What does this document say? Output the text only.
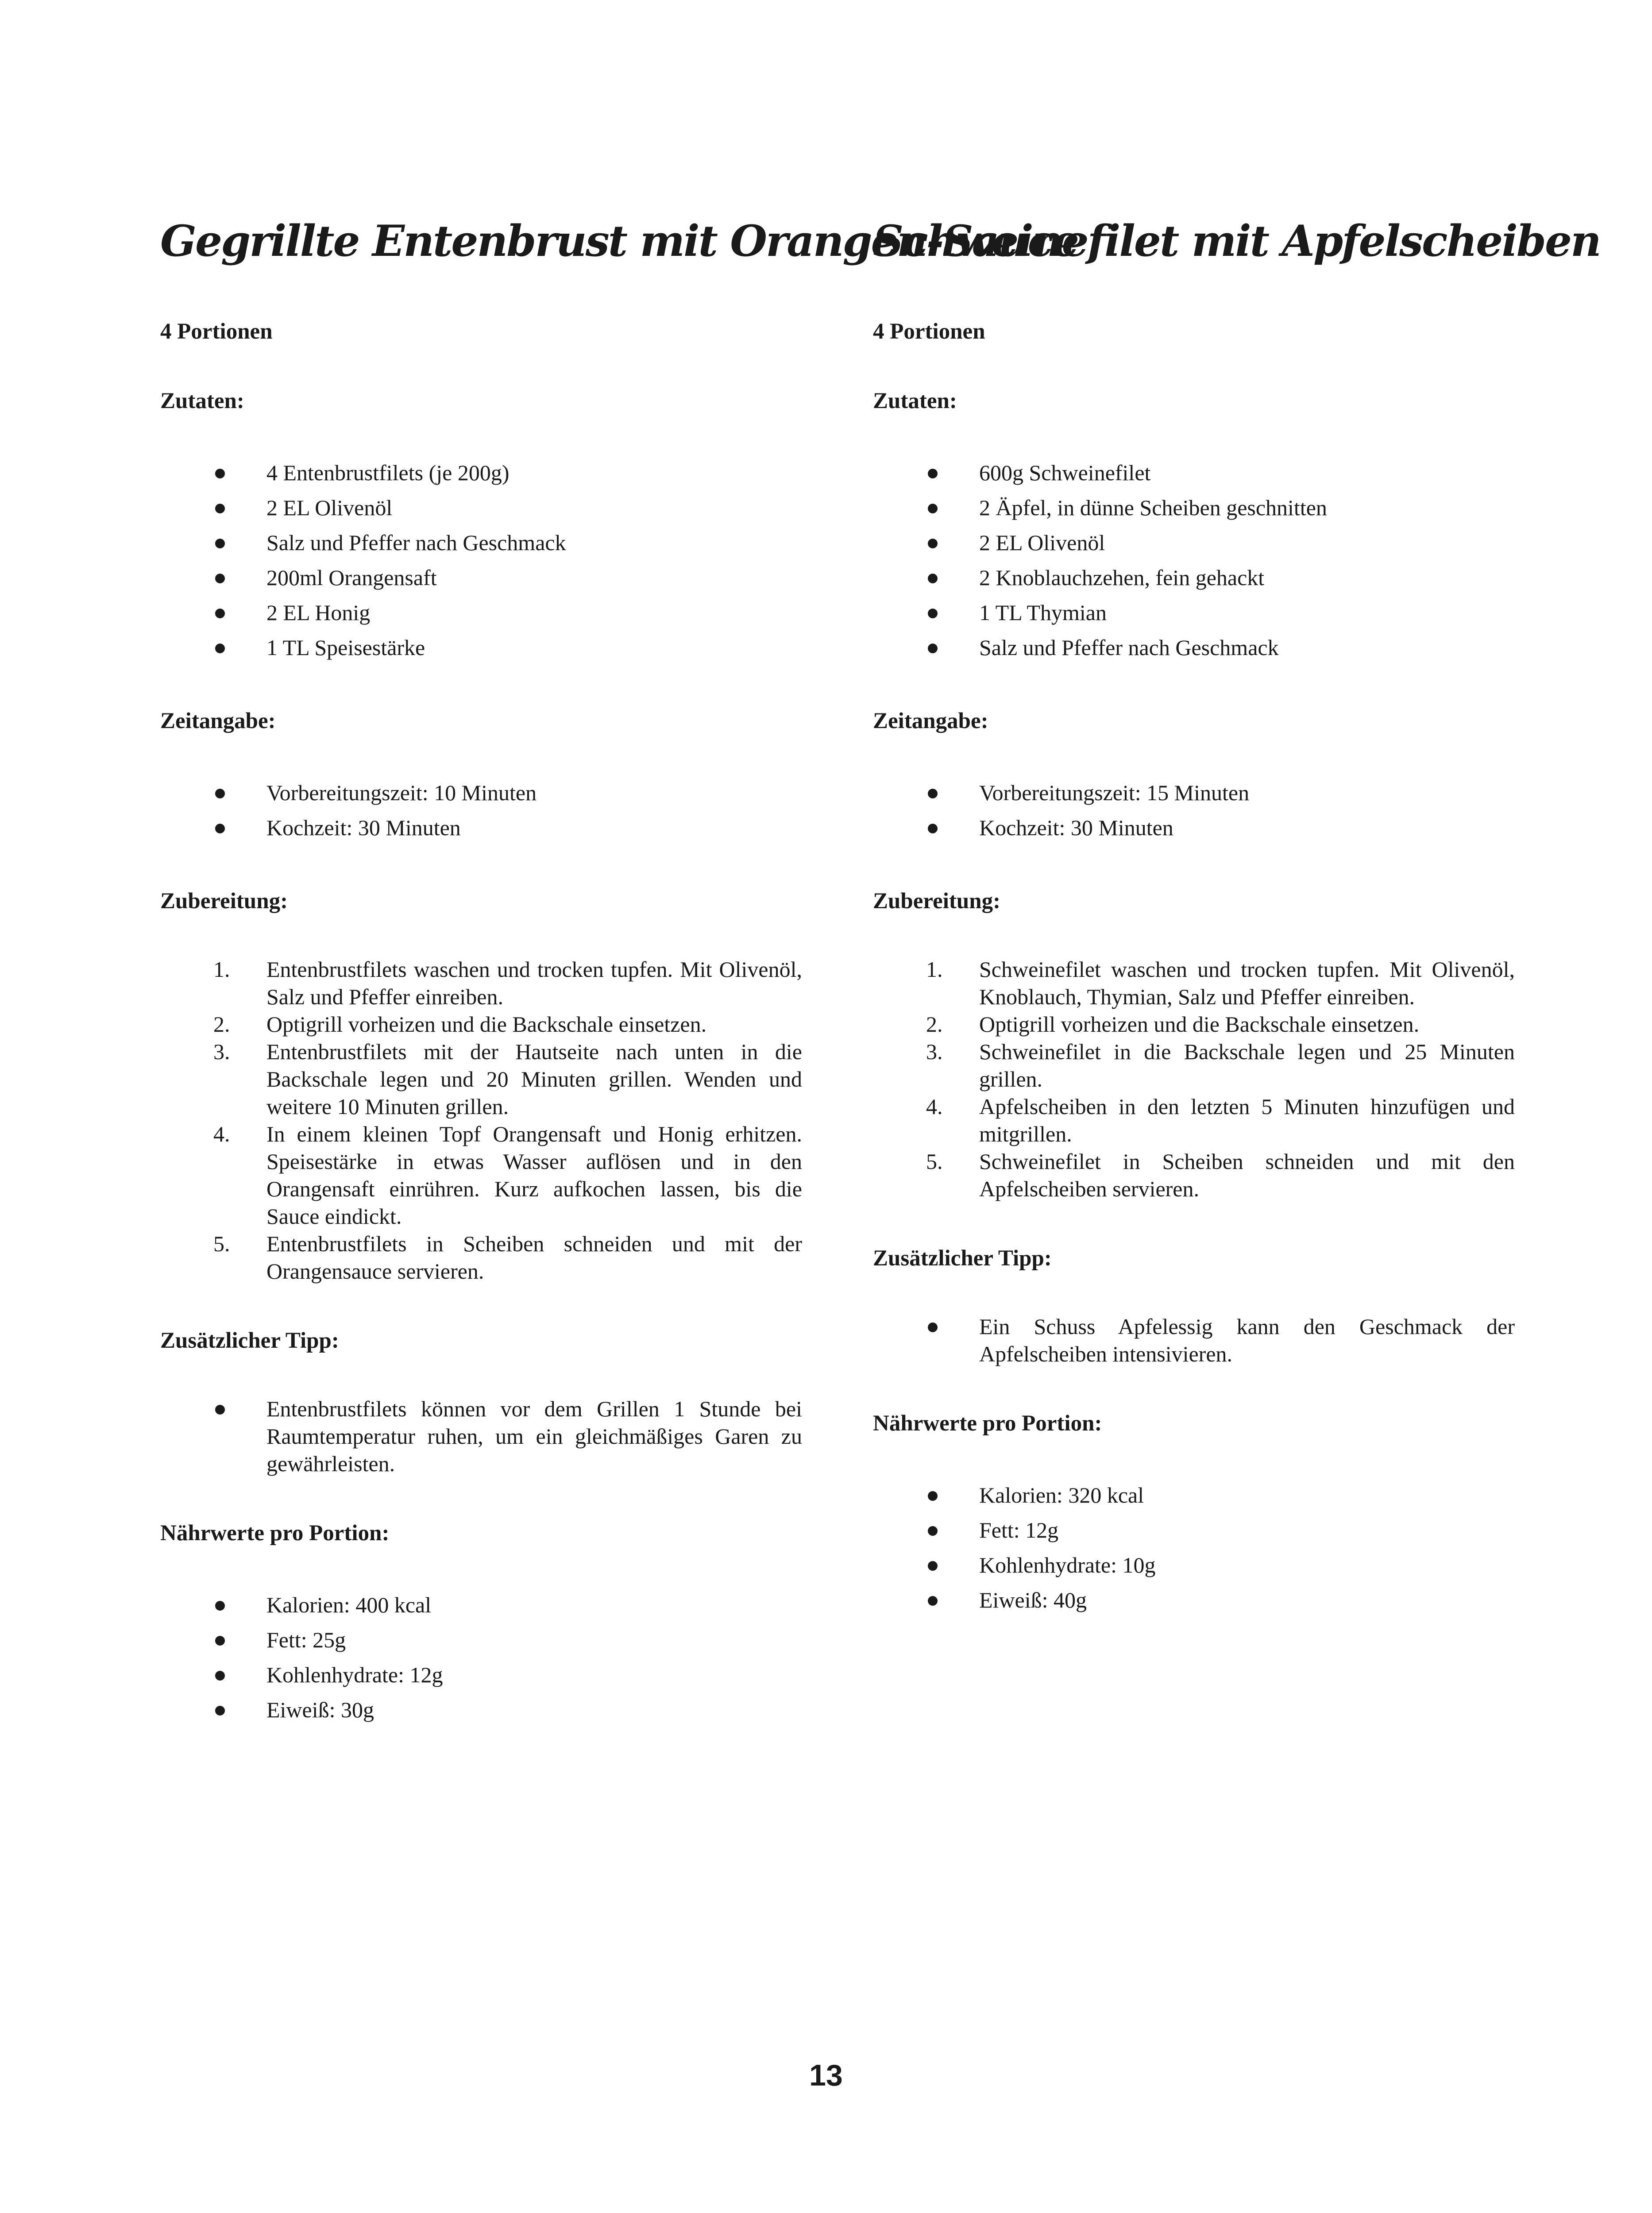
Gegrillte Entenbrust mit Orangen-Sauce

4 Portionen

Zutaten:

4 Entenbrustfilets (je 200g)
2 EL Olivenöl
Salz und Pfeffer nach Geschmack
200ml Orangensaft
2 EL Honig
1 TL Speisestärke

Zeitangabe:

Vorbereitungszeit: 10 Minuten
Kochzeit: 30 Minuten

Zubereitung:

1. Entenbrustfilets waschen und trocken tupfen. Mit Olivenöl, Salz und Pfeffer einreiben.
2. Optigrill vorheizen und die Backschale einsetzen.
3. Entenbrustfilets mit der Hautseite nach unten in die Backschale legen und 20 Minuten grillen. Wenden und weitere 10 Minuten grillen.
4. In einem kleinen Topf Orangensaft und Honig erhitzen. Speisestärke in etwas Wasser auflösen und in den Orangensaft einrühren. Kurz aufkochen lassen, bis die Sauce eindickt.
5. Entenbrustfilets in Scheiben schneiden und mit der Orangensauce servieren.

Zusätzlicher Tipp:

Entenbrustfilets können vor dem Grillen 1 Stunde bei Raumtemperatur ruhen, um ein gleichmäßiges Garen zu gewährleisten.

Nährwerte pro Portion:

Kalorien: 400 kcal
Fett: 25g
Kohlenhydrate: 12g
Eiweiß: 30g
Schweinefilet mit Apfelscheiben

4 Portionen

Zutaten:

600g Schweinefilet
2 Äpfel, in dünne Scheiben geschnitten
2 EL Olivenöl
2 Knoblauchzehen, fein gehackt
1 TL Thymian
Salz und Pfeffer nach Geschmack

Zeitangabe:

Vorbereitungszeit: 15 Minuten
Kochzeit: 30 Minuten

Zubereitung:

1. Schweinefilet waschen und trocken tupfen. Mit Olivenöl, Knoblauch, Thymian, Salz und Pfeffer einreiben.
2. Optigrill vorheizen und die Backschale einsetzen.
3. Schweinefilet in die Backschale legen und 25 Minuten grillen.
4. Apfelscheiben in den letzten 5 Minuten hinzufügen und mitgrillen.
5. Schweinefilet in Scheiben schneiden und mit den Apfelscheiben servieren.

Zusätzlicher Tipp:

Ein Schuss Apfelessig kann den Geschmack der Apfelscheiben intensivieren.

Nährwerte pro Portion:

Kalorien: 320 kcal
Fett: 12g
Kohlenhydrate: 10g
Eiweiß: 40g
13
